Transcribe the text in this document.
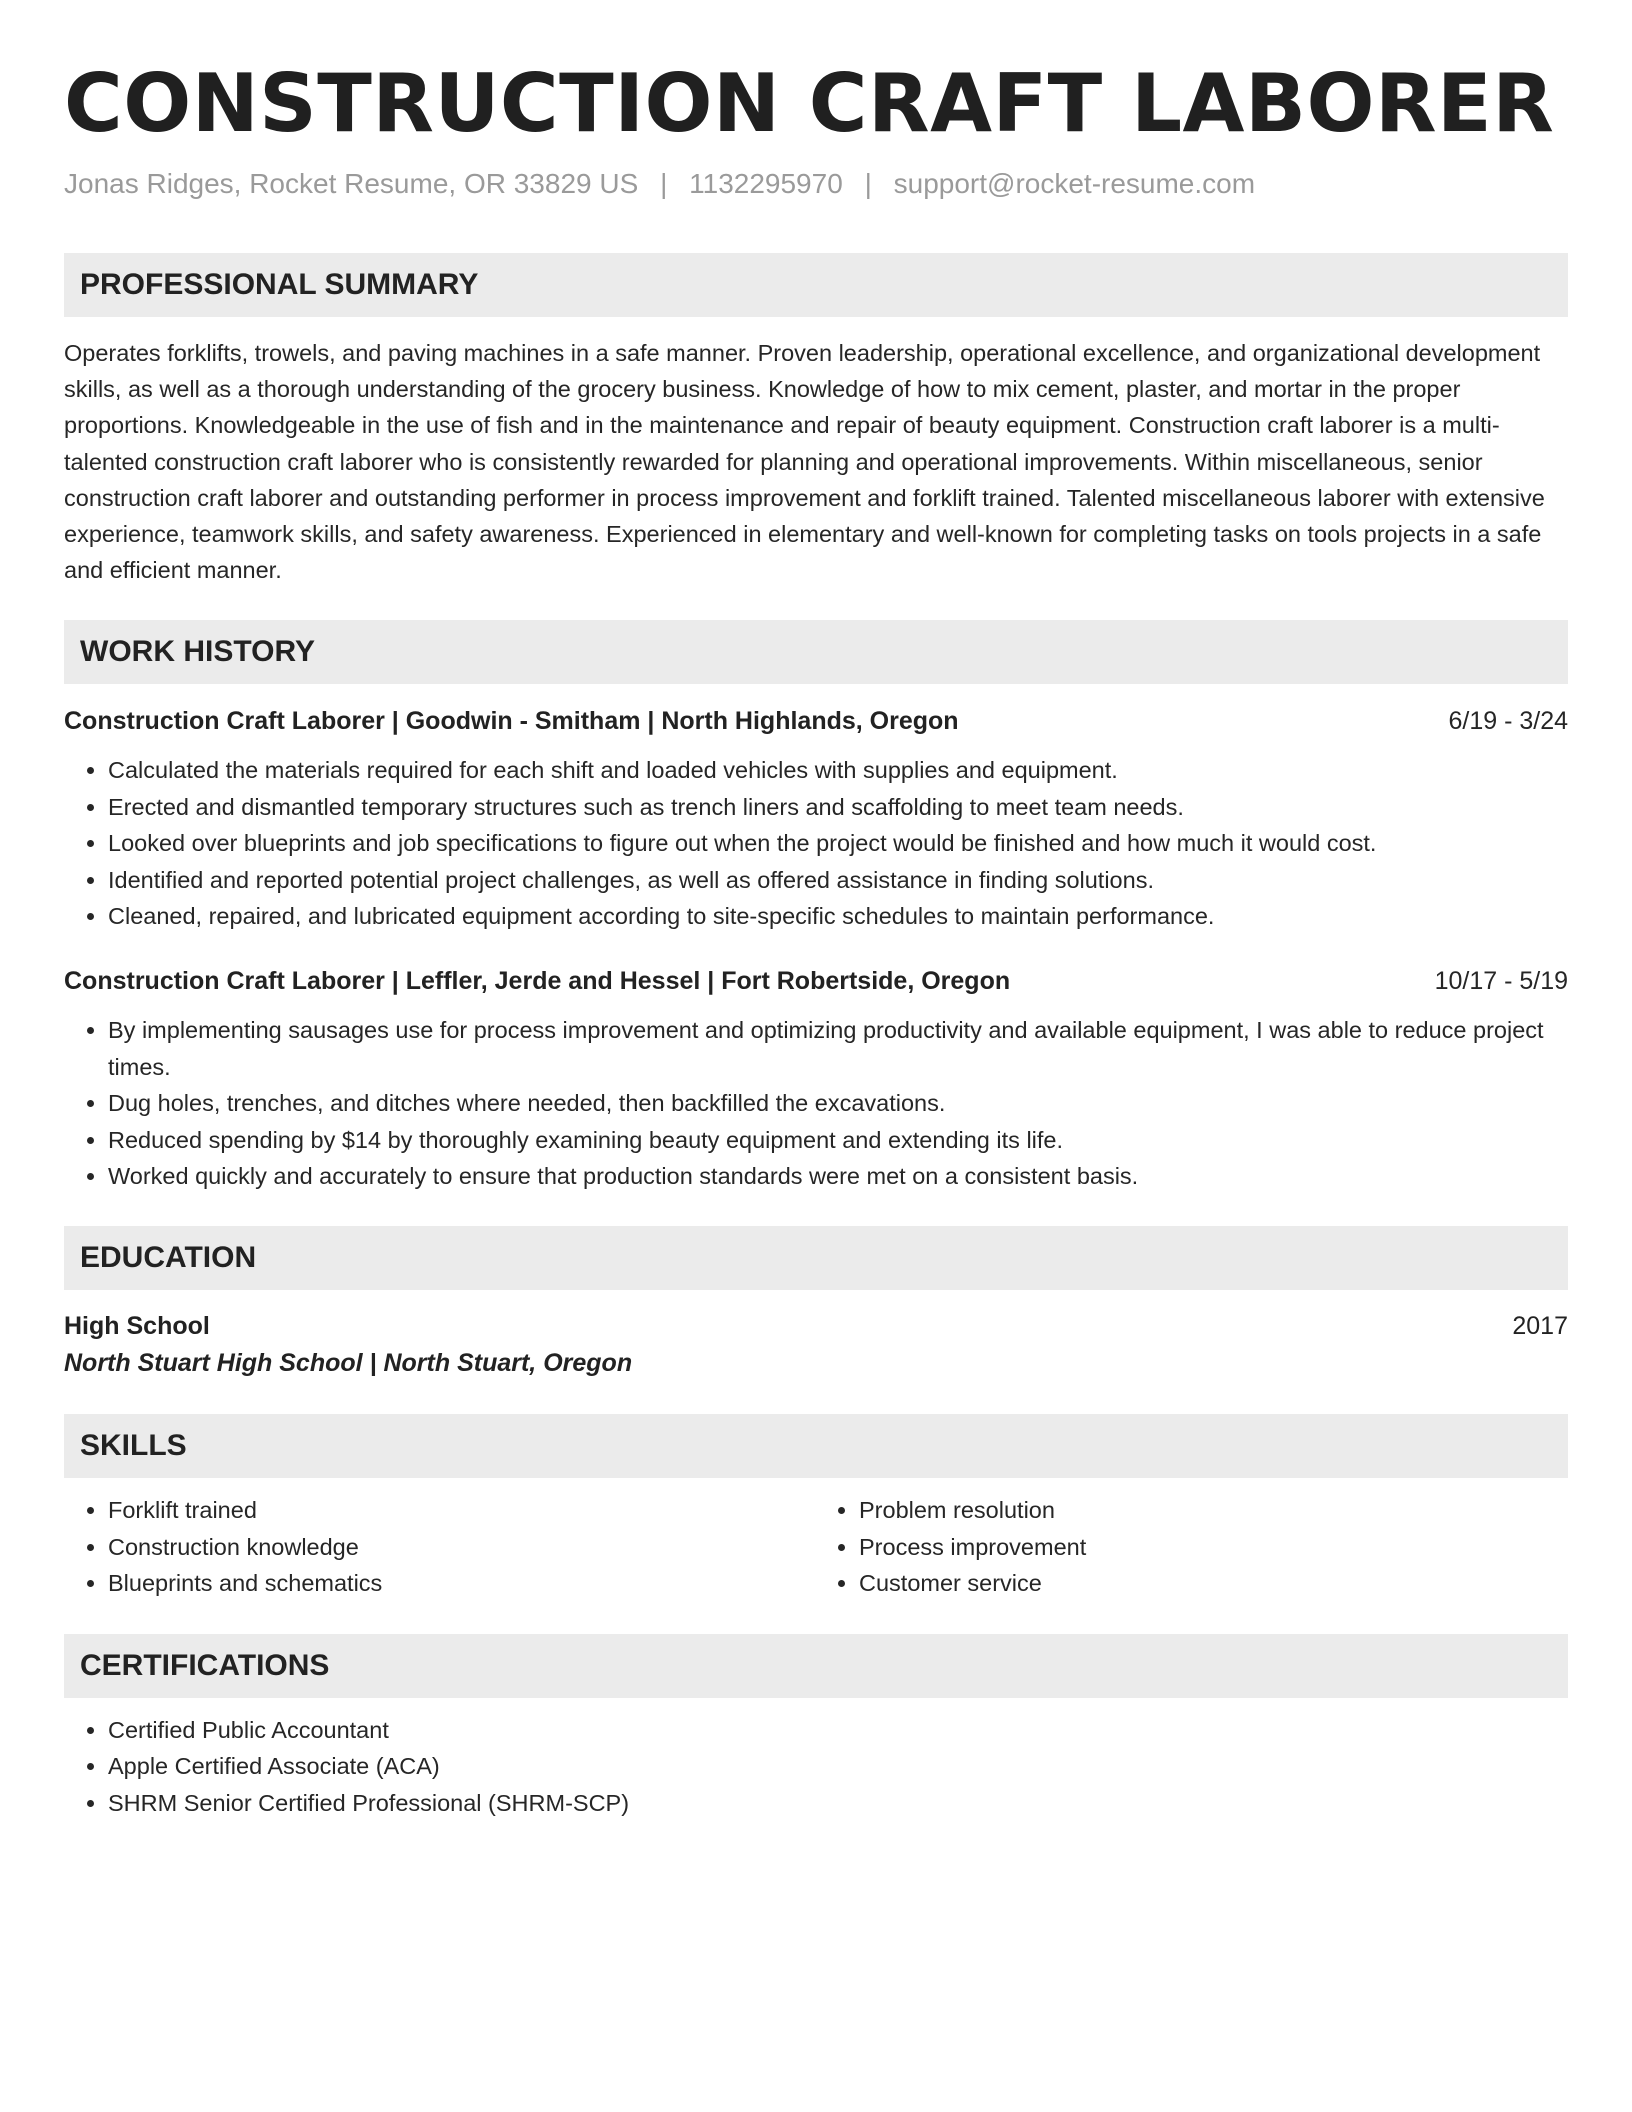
CONSTRUCTION CRAFT LABORER
Jonas Ridges, Rocket Resume, OR 33829 US | 1132295970 | support@rocket-resume.com
PROFESSIONAL SUMMARY
Operates forklifts, trowels, and paving machines in a safe manner. Proven leadership, operational excellence, and organizational development skills, as well as a thorough understanding of the grocery business. Knowledge of how to mix cement, plaster, and mortar in the proper proportions. Knowledgeable in the use of fish and in the maintenance and repair of beauty equipment. Construction craft laborer is a multi-talented construction craft laborer who is consistently rewarded for planning and operational improvements. Within miscellaneous, senior construction craft laborer and outstanding performer in process improvement and forklift trained. Talented miscellaneous laborer with extensive experience, teamwork skills, and safety awareness. Experienced in elementary and well-known for completing tasks on tools projects in a safe and efficient manner.
WORK HISTORY
Construction Craft Laborer | Goodwin - Smitham | North Highlands, Oregon	6/19 - 3/24
• Calculated the materials required for each shift and loaded vehicles with supplies and equipment.
• Erected and dismantled temporary structures such as trench liners and scaffolding to meet team needs.
• Looked over blueprints and job specifications to figure out when the project would be finished and how much it would cost.
• Identified and reported potential project challenges, as well as offered assistance in finding solutions.
• Cleaned, repaired, and lubricated equipment according to site-specific schedules to maintain performance.
Construction Craft Laborer | Leffler, Jerde and Hessel | Fort Robertside, Oregon	10/17 - 5/19
• By implementing sausages use for process improvement and optimizing productivity and available equipment, I was able to reduce project times.
• Dug holes, trenches, and ditches where needed, then backfilled the excavations.
• Reduced spending by $14 by thoroughly examining beauty equipment and extending its life.
• Worked quickly and accurately to ensure that production standards were met on a consistent basis.
EDUCATION
High School	2017
North Stuart High School | North Stuart, Oregon
SKILLS
• Forklift trained
• Construction knowledge
• Blueprints and schematics
• Problem resolution
• Process improvement
• Customer service
CERTIFICATIONS
• Certified Public Accountant
• Apple Certified Associate (ACA)
• SHRM Senior Certified Professional (SHRM-SCP)
